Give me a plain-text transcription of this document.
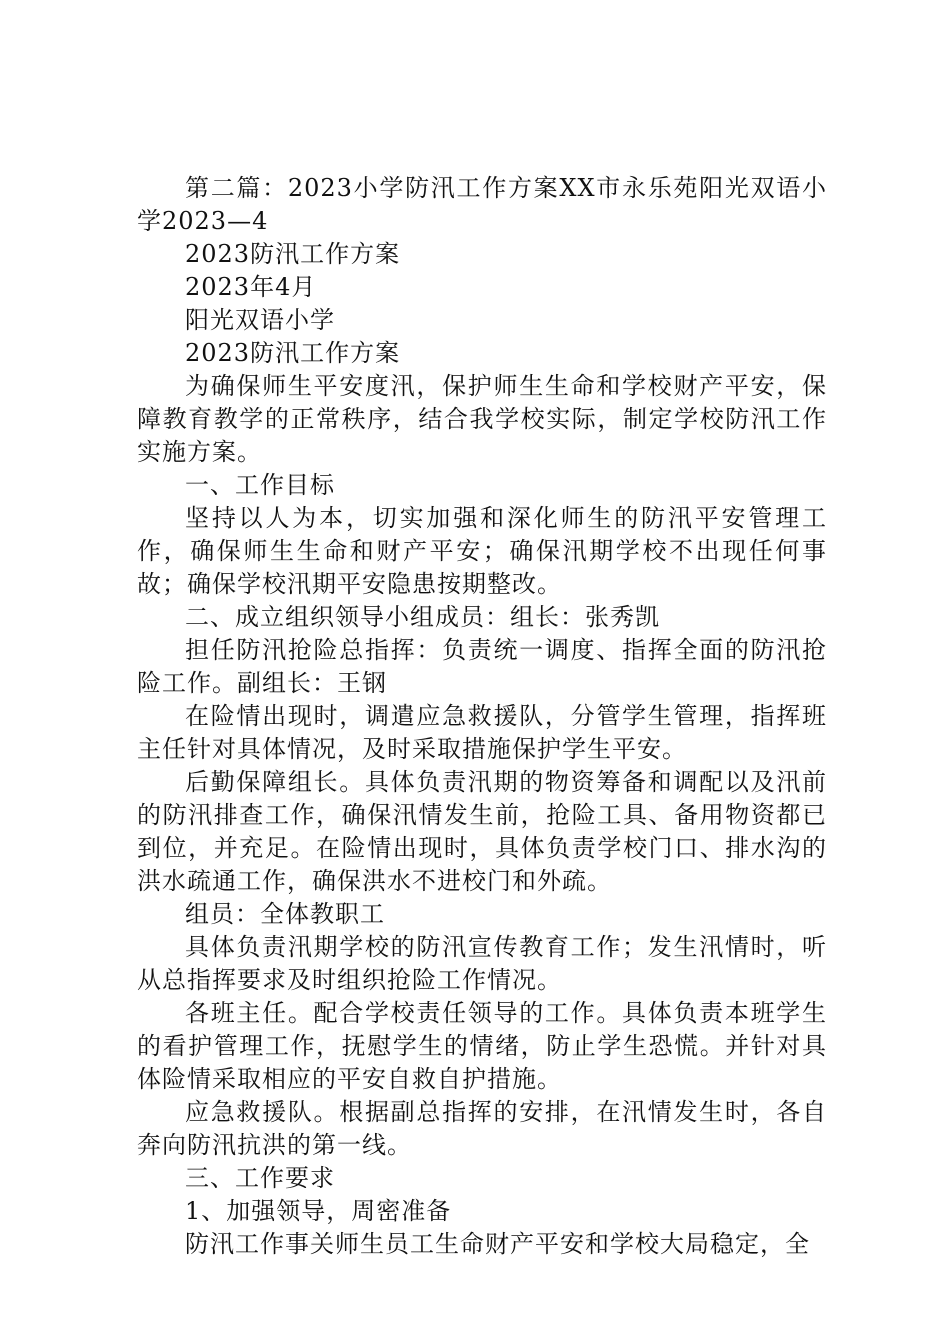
第二篇：2023小学防汛工作方案XX市永乐苑阳光双语小学2023—4

2023防汛工作方案

2023年4月

阳光双语小学

2023防汛工作方案

为确保师生平安度汛，保护师生生命和学校财产平安，保障教育教学的正常秩序，结合我学校实际，制定学校防汛工作实施方案。

一、工作目标

坚持以人为本，切实加强和深化师生的防汛平安管理工作，确保师生生命和财产平安；确保汛期学校不出现任何事故；确保学校汛期平安隐患按期整改。

二、成立组织领导小组成员：组长：张秀凯

担任防汛抢险总指挥：负责统一调度、指挥全面的防汛抢险工作。副组长：王钢

在险情出现时，调遣应急救援队，分管学生管理，指挥班主任针对具体情况，及时采取措施保护学生平安。

后勤保障组长。具体负责汛期的物资筹备和调配以及汛前的防汛排查工作，确保汛情发生前，抢险工具、备用物资都已到位，并充足。在险情出现时，具体负责学校门口、排水沟的洪水疏通工作，确保洪水不进校门和外疏。

组员：全体教职工

具体负责汛期学校的防汛宣传教育工作；发生汛情时，听从总指挥要求及时组织抢险工作情况。

各班主任。配合学校责任领导的工作。具体负责本班学生的看护管理工作，抚慰学生的情绪，防止学生恐慌。并针对具体险情采取相应的平安自救自护措施。

应急救援队。根据副总指挥的安排，在汛情发生时，各自奔向防汛抗洪的第一线。

三、工作要求

1、加强领导，周密准备

防汛工作事关师生员工生命财产平安和学校大局稳定，全
